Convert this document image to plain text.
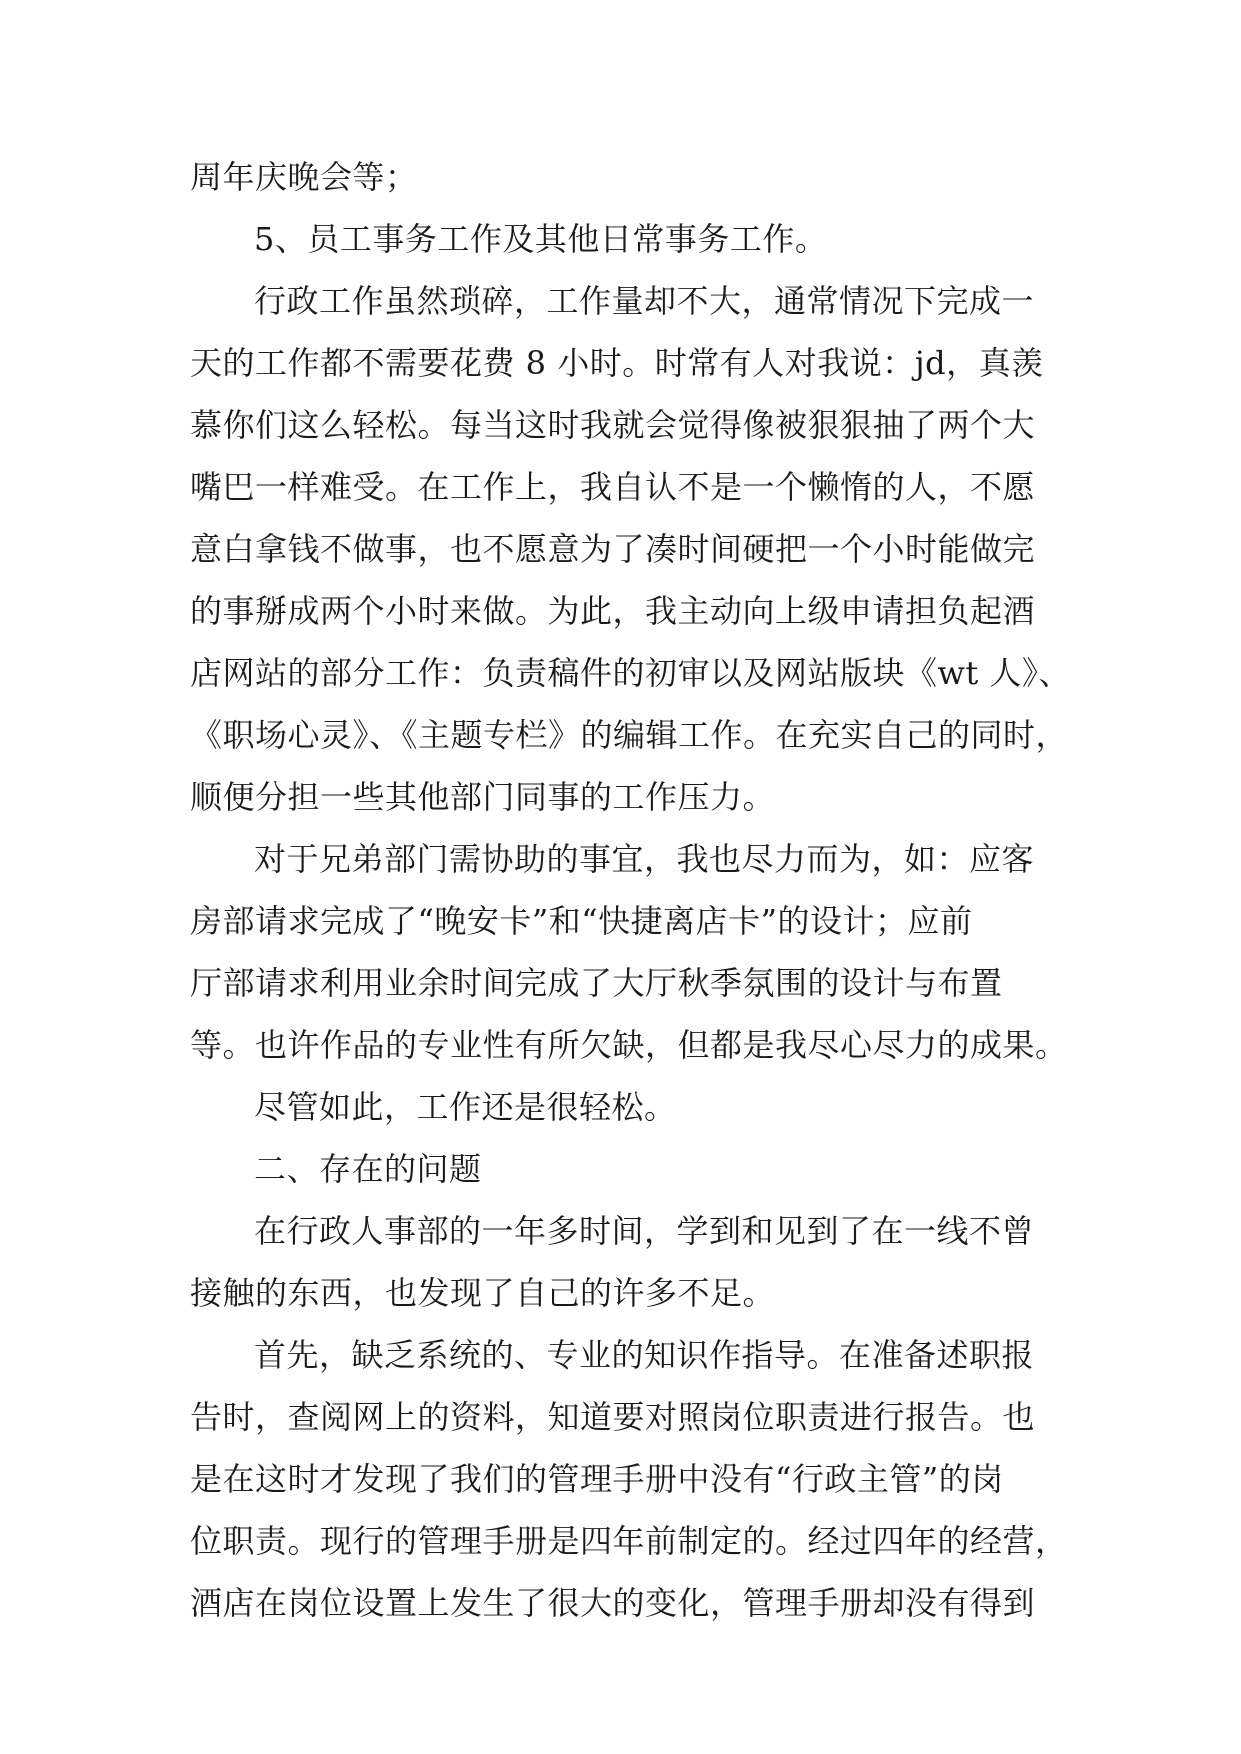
周年庆晚会等；
5、员工事务工作及其他日常事务工作。
行政工作虽然琐碎，工作量却不大，通常情况下完成一
天的工作都不需要花费 8 小时。时常有人对我说：jd，真羡
慕你们这么轻松。每当这时我就会觉得像被狠狠抽了两个大
嘴巴一样难受。在工作上，我自认不是一个懒惰的人，不愿
意白拿钱不做事，也不愿意为了凑时间硬把一个小时能做完
的事掰成两个小时来做。为此，我主动向上级申请担负起酒
店网站的部分工作：负责稿件的初审以及网站版块《wt 人》、
《职场心灵》、《主题专栏》的编辑工作。在充实自己的同时，
顺便分担一些其他部门同事的工作压力。
对于兄弟部门需协助的事宜，我也尽力而为，如：应客
房部请求完成了“晚安卡”和“快捷离店卡”的设计；应前
厅部请求利用业余时间完成了大厅秋季氛围的设计与布置
等。也许作品的专业性有所欠缺，但都是我尽心尽力的成果。
尽管如此，工作还是很轻松。
二、存在的问题
在行政人事部的一年多时间，学到和见到了在一线不曾
接触的东西，也发现了自己的许多不足。
首先，缺乏系统的、专业的知识作指导。在准备述职报
告时，查阅网上的资料，知道要对照岗位职责进行报告。也
是在这时才发现了我们的管理手册中没有“行政主管”的岗
位职责。现行的管理手册是四年前制定的。经过四年的经营，
酒店在岗位设置上发生了很大的变化，管理手册却没有得到
